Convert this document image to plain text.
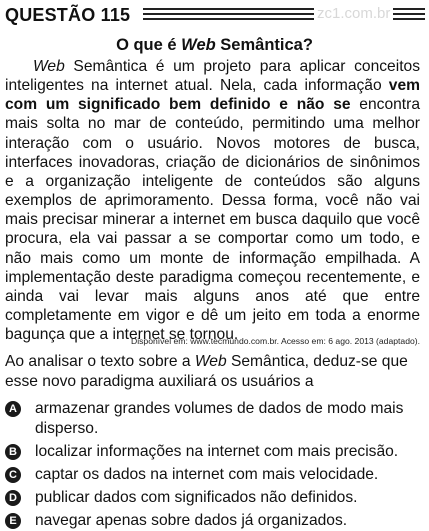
QUESTÃO 115	zc1.com.br
O que é Web Semântica?
Web Semântica é um projeto para aplicar conceitos inteligentes na internet atual. Nela, cada informação vem com um significado bem definido e não se encontra mais solta no mar de conteúdo, permitindo uma melhor interação com o usuário. Novos motores de busca, interfaces inovadoras, criação de dicionários de sinônimos e a organização inteligente de conteúdos são alguns exemplos de aprimoramento. Dessa forma, você não vai mais precisar minerar a internet em busca daquilo que você procura, ela vai passar a se comportar como um todo, e não mais como um monte de informação empilhada. A implementação deste paradigma começou recentemente, e ainda vai levar mais alguns anos até que entre completamente em vigor e dê um jeito em toda a enorme bagunça que a internet se tornou.
Disponível em: www.tecmundo.com.br. Acesso em: 6 ago. 2013 (adaptado).
Ao analisar o texto sobre a Web Semântica, deduz-se que esse novo paradigma auxiliará os usuários a
A armazenar grandes volumes de dados de modo mais disperso.
B localizar informações na internet com mais precisão.
C captar os dados na internet com mais velocidade.
D publicar dados com significados não definidos.
E navegar apenas sobre dados já organizados.
